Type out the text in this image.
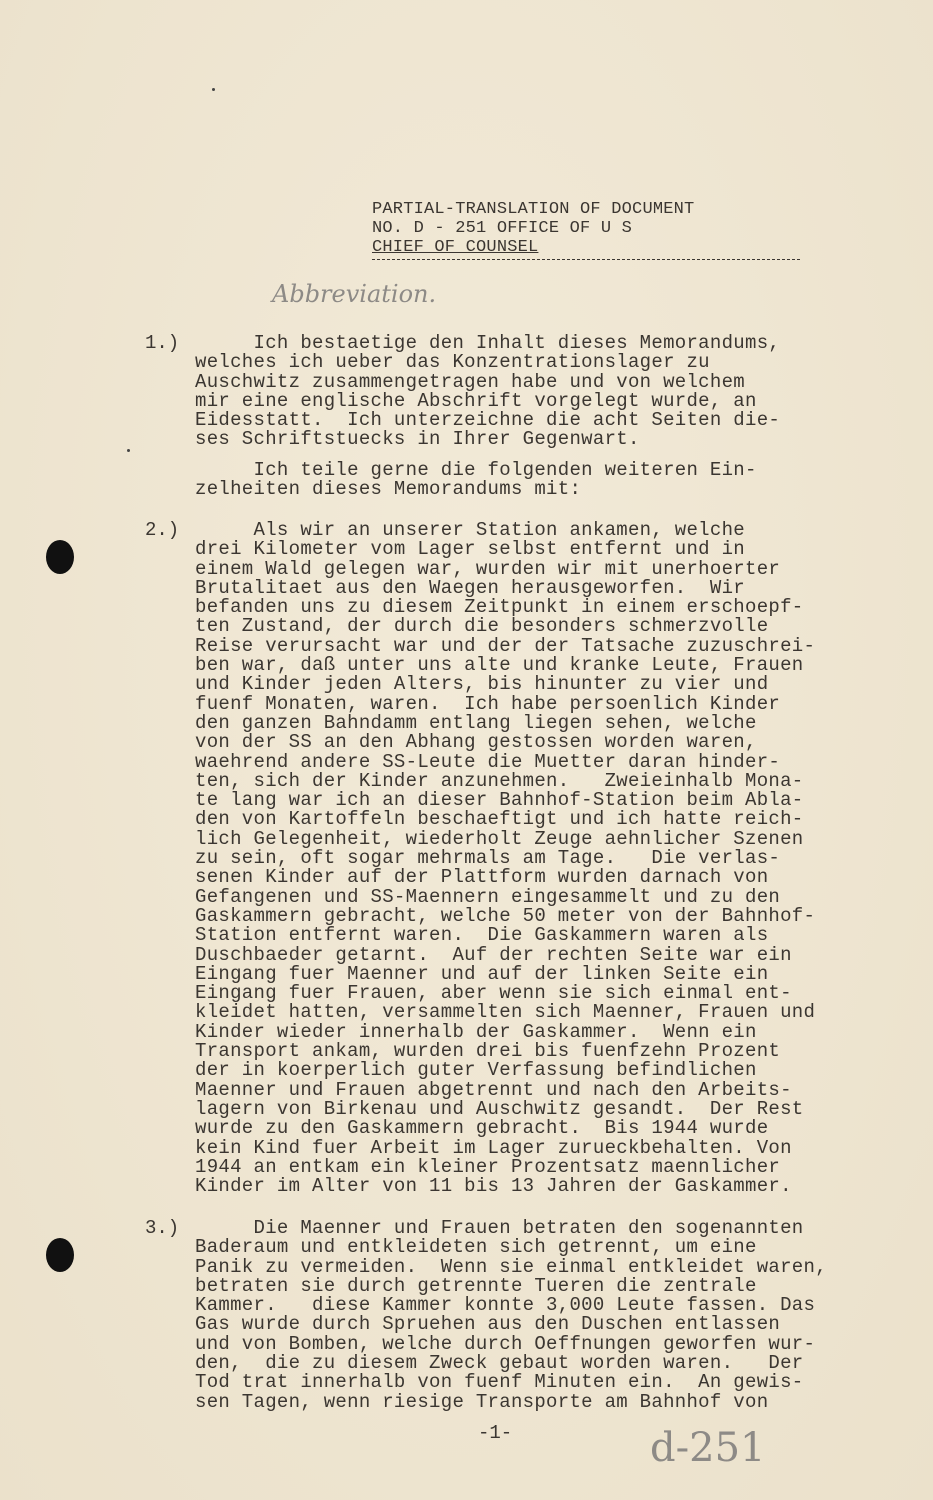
PARTIAL-TRANSLATION OF DOCUMENT
NO. D - 251 OFFICE OF U S
CHIEF OF COUNSEL
Abbreviation.
1.) Ich bestaetige den Inhalt dieses Memorandums,
welches ich ueber das Konzentrationslager zu
Auschwitz zusammengetragen habe und von welchem
mir eine englische Abschrift vorgelegt wurde, an
Eidesstatt.  Ich unterzeichne die acht Seiten die-
ses Schriftstuecks in Ihrer Gegenwart.
Ich teile gerne die folgenden weiteren Ein-
zelheiten dieses Memorandums mit:
2.) Als wir an unserer Station ankamen, welche
drei Kilometer vom Lager selbst entfernt und in
einem Wald gelegen war, wurden wir mit unerhoerter
Brutalitaet aus den Waegen herausgeworfen.  Wir
befanden uns zu diesem Zeitpunkt in einem erschoepf-
ten Zustand, der durch die besonders schmerzvolle
Reise verursacht war und der der Tatsache zuzuschrei-
ben war, daß unter uns alte und kranke Leute, Frauen
und Kinder jeden Alters, bis hinunter zu vier und
fuenf Monaten, waren.  Ich habe persoenlich Kinder
den ganzen Bahndamm entlang liegen sehen, welche
von der SS an den Abhang gestossen worden waren,
waehrend andere SS-Leute die Muetter daran hinder-
ten, sich der Kinder anzunehmen.   Zweieinhalb Mona-
te lang war ich an dieser Bahnhof-Station beim Abla-
den von Kartoffeln beschaeftigt und ich hatte reich-
lich Gelegenheit, wiederholt Zeuge aehnlicher Szenen
zu sein, oft sogar mehrmals am Tage.   Die verlas-
senen Kinder auf der Plattform wurden darnach von
Gefangenen und SS-Maennern eingesammelt und zu den
Gaskammern gebracht, welche 50 meter von der Bahnhof-
Station entfernt waren.  Die Gaskammern waren als
Duschbaeder getarnt.  Auf der rechten Seite war ein
Eingang fuer Maenner und auf der linken Seite ein
Eingang fuer Frauen, aber wenn sie sich einmal ent-
kleidet hatten, versammelten sich Maenner, Frauen und
Kinder wieder innerhalb der Gaskammer.  Wenn ein
Transport ankam, wurden drei bis fuenfzehn Prozent
der in koerperlich guter Verfassung befindlichen
Maenner und Frauen abgetrennt und nach den Arbeits-
lagern von Birkenau und Auschwitz gesandt.  Der Rest
wurde zu den Gaskammern gebracht.  Bis 1944 wurde
kein Kind fuer Arbeit im Lager zurueckbehalten. Von
1944 an entkam ein kleiner Prozentsatz maennlicher
Kinder im Alter von 11 bis 13 Jahren der Gaskammer.
3.) Die Maenner und Frauen betraten den sogenannten
Baderaum und entkleideten sich getrennt, um eine
Panik zu vermeiden.  Wenn sie einmal entkleidet waren,
betraten sie durch getrennte Tueren die zentrale
Kammer.   diese Kammer konnte 3,000 Leute fassen. Das
Gas wurde durch Spruehen aus den Duschen entlassen
und von Bomben, welche durch Oeffnungen geworfen wur-
den,  die zu diesem Zweck gebaut worden waren.   Der
Tod trat innerhalb von fuenf Minuten ein.  An gewis-
sen Tagen, wenn riesige Transporte am Bahnhof von
-1-	d-251
